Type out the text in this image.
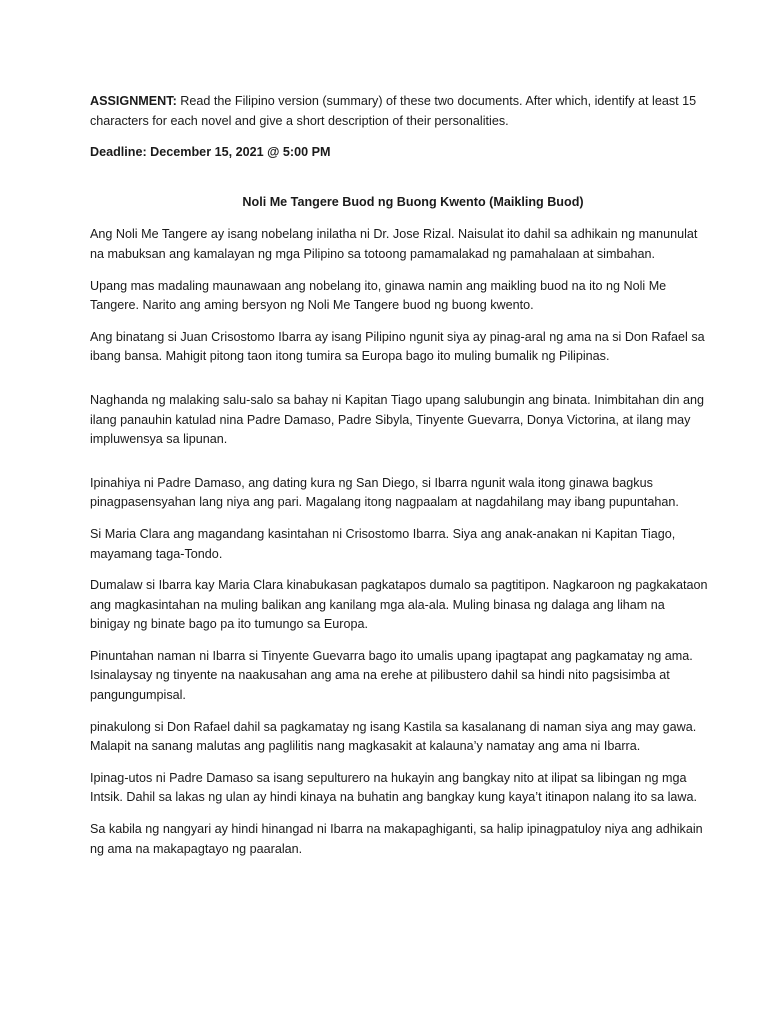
ASSIGNMENT: Read the Filipino version (summary) of these two documents. After which, identify at least 15 characters for each novel and give a short description of their personalities.

Deadline: December 15, 2021 @ 5:00 PM

Noli Me Tangere Buod ng Buong Kwento (Maikling Buod)

Ang Noli Me Tangere ay isang nobelang inilatha ni Dr. Jose Rizal. Naisulat ito dahil sa adhikain ng manunulat na mabuksan ang kamalayan ng mga Pilipino sa totoong pamamalakad ng pamahalaan at simbahan.

Upang mas madaling maunawaan ang nobelang ito, ginawa namin ang maikling buod na ito ng Noli Me Tangere. Narito ang aming bersyon ng Noli Me Tangere buod ng buong kwento.

Ang binatang si Juan Crisostomo Ibarra ay isang Pilipino ngunit siya ay pinag-aral ng ama na si Don Rafael sa ibang bansa. Mahigit pitong taon itong tumira sa Europa bago ito muling bumalik ng Pilipinas.

Naghanda ng malaking salu-salo sa bahay ni Kapitan Tiago upang salubungin ang binata. Inimbitahan din ang ilang panauhin katulad nina Padre Damaso, Padre Sibyla, Tinyente Guevarra, Donya Victorina, at ilang may impluwensya sa lipunan.

Ipinahiya ni Padre Damaso, ang dating kura ng San Diego, si Ibarra ngunit wala itong ginawa bagkus pinagpasensyahan lang niya ang pari. Magalang itong nagpaalam at nagdahilang may ibang pupuntahan.

Si Maria Clara ang magandang kasintahan ni Crisostomo Ibarra. Siya ang anak-anakan ni Kapitan Tiago, mayamang taga-Tondo.

Dumalaw si Ibarra kay Maria Clara kinabukasan pagkatapos dumalo sa pagtitipon. Nagkaroon ng pagkakataon ang magkasintahan na muling balikan ang kanilang mga ala-ala. Muling binasa ng dalaga ang liham na binigay ng binate bago pa ito tumungo sa Europa.

Pinuntahan naman ni Ibarra si Tinyente Guevarra bago ito umalis upang ipagtapat ang pagkamatay ng ama. Isinalaysay ng tinyente na naakusahan ang ama na erehe at pilibustero dahil sa hindi nito pagsisimba at pangungumpisal.

pinakulong si Don Rafael dahil sa pagkamatay ng isang Kastila sa kasalanang di naman siya ang may gawa. Malapit na sanang malutas ang paglilitis nang magkasakit at kalauna’y namatay ang ama ni Ibarra.

Ipinag-utos ni Padre Damaso sa isang sepulturero na hukayin ang bangkay nito at ilipat sa libingan ng mga Intsik. Dahil sa lakas ng ulan ay hindi kinaya na buhatin ang bangkay kung kaya’t itinapon nalang ito sa lawa.

Sa kabila ng nangyari ay hindi hinangad ni Ibarra na makapaghiganti, sa halip ipinagpatuloy niya ang adhikain ng ama na makapagtayo ng paaralan.
